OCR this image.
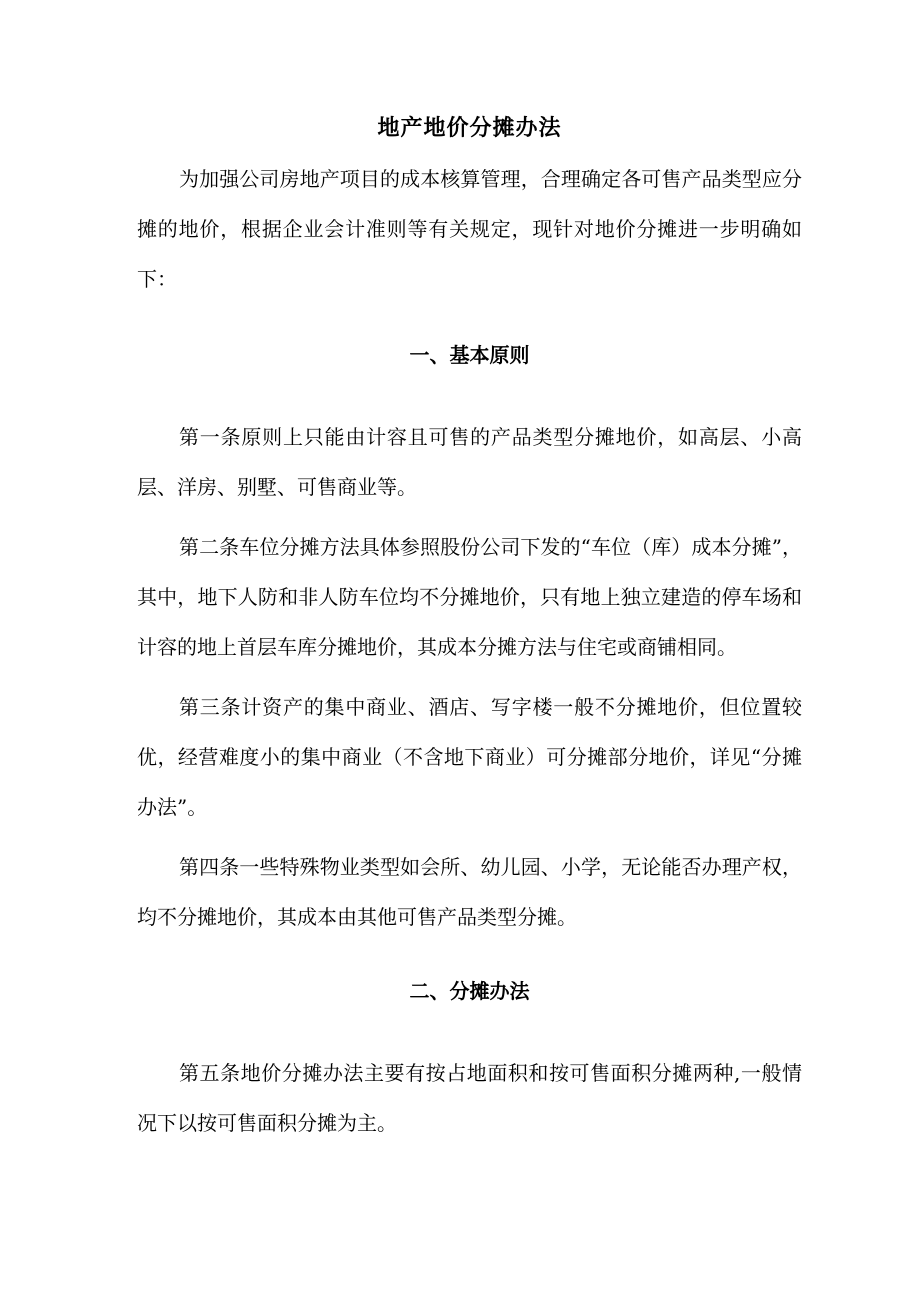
地产地价分摊办法

为加强公司房地产项目的成本核算管理，合理确定各可售产品类型应分摊的地价，根据企业会计准则等有关规定，现针对地价分摊进一步明确如下：

一、基本原则

第一条原则上只能由计容且可售的产品类型分摊地价，如高层、小高层、洋房、别墅、可售商业等。

第二条车位分摊方法具体参照股份公司下发的“车位（库）成本分摊”，其中，地下人防和非人防车位均不分摊地价，只有地上独立建造的停车场和计容的地上首层车库分摊地价，其成本分摊方法与住宅或商铺相同。

第三条计资产的集中商业、酒店、写字楼一般不分摊地价，但位置较优，经营难度小的集中商业（不含地下商业）可分摊部分地价，详见“分摊办法”。

第四条一些特殊物业类型如会所、幼儿园、小学，无论能否办理产权，均不分摊地价，其成本由其他可售产品类型分摊。

二、分摊办法

第五条地价分摊办法主要有按占地面积和按可售面积分摊两种,一般情况下以按可售面积分摊为主。
